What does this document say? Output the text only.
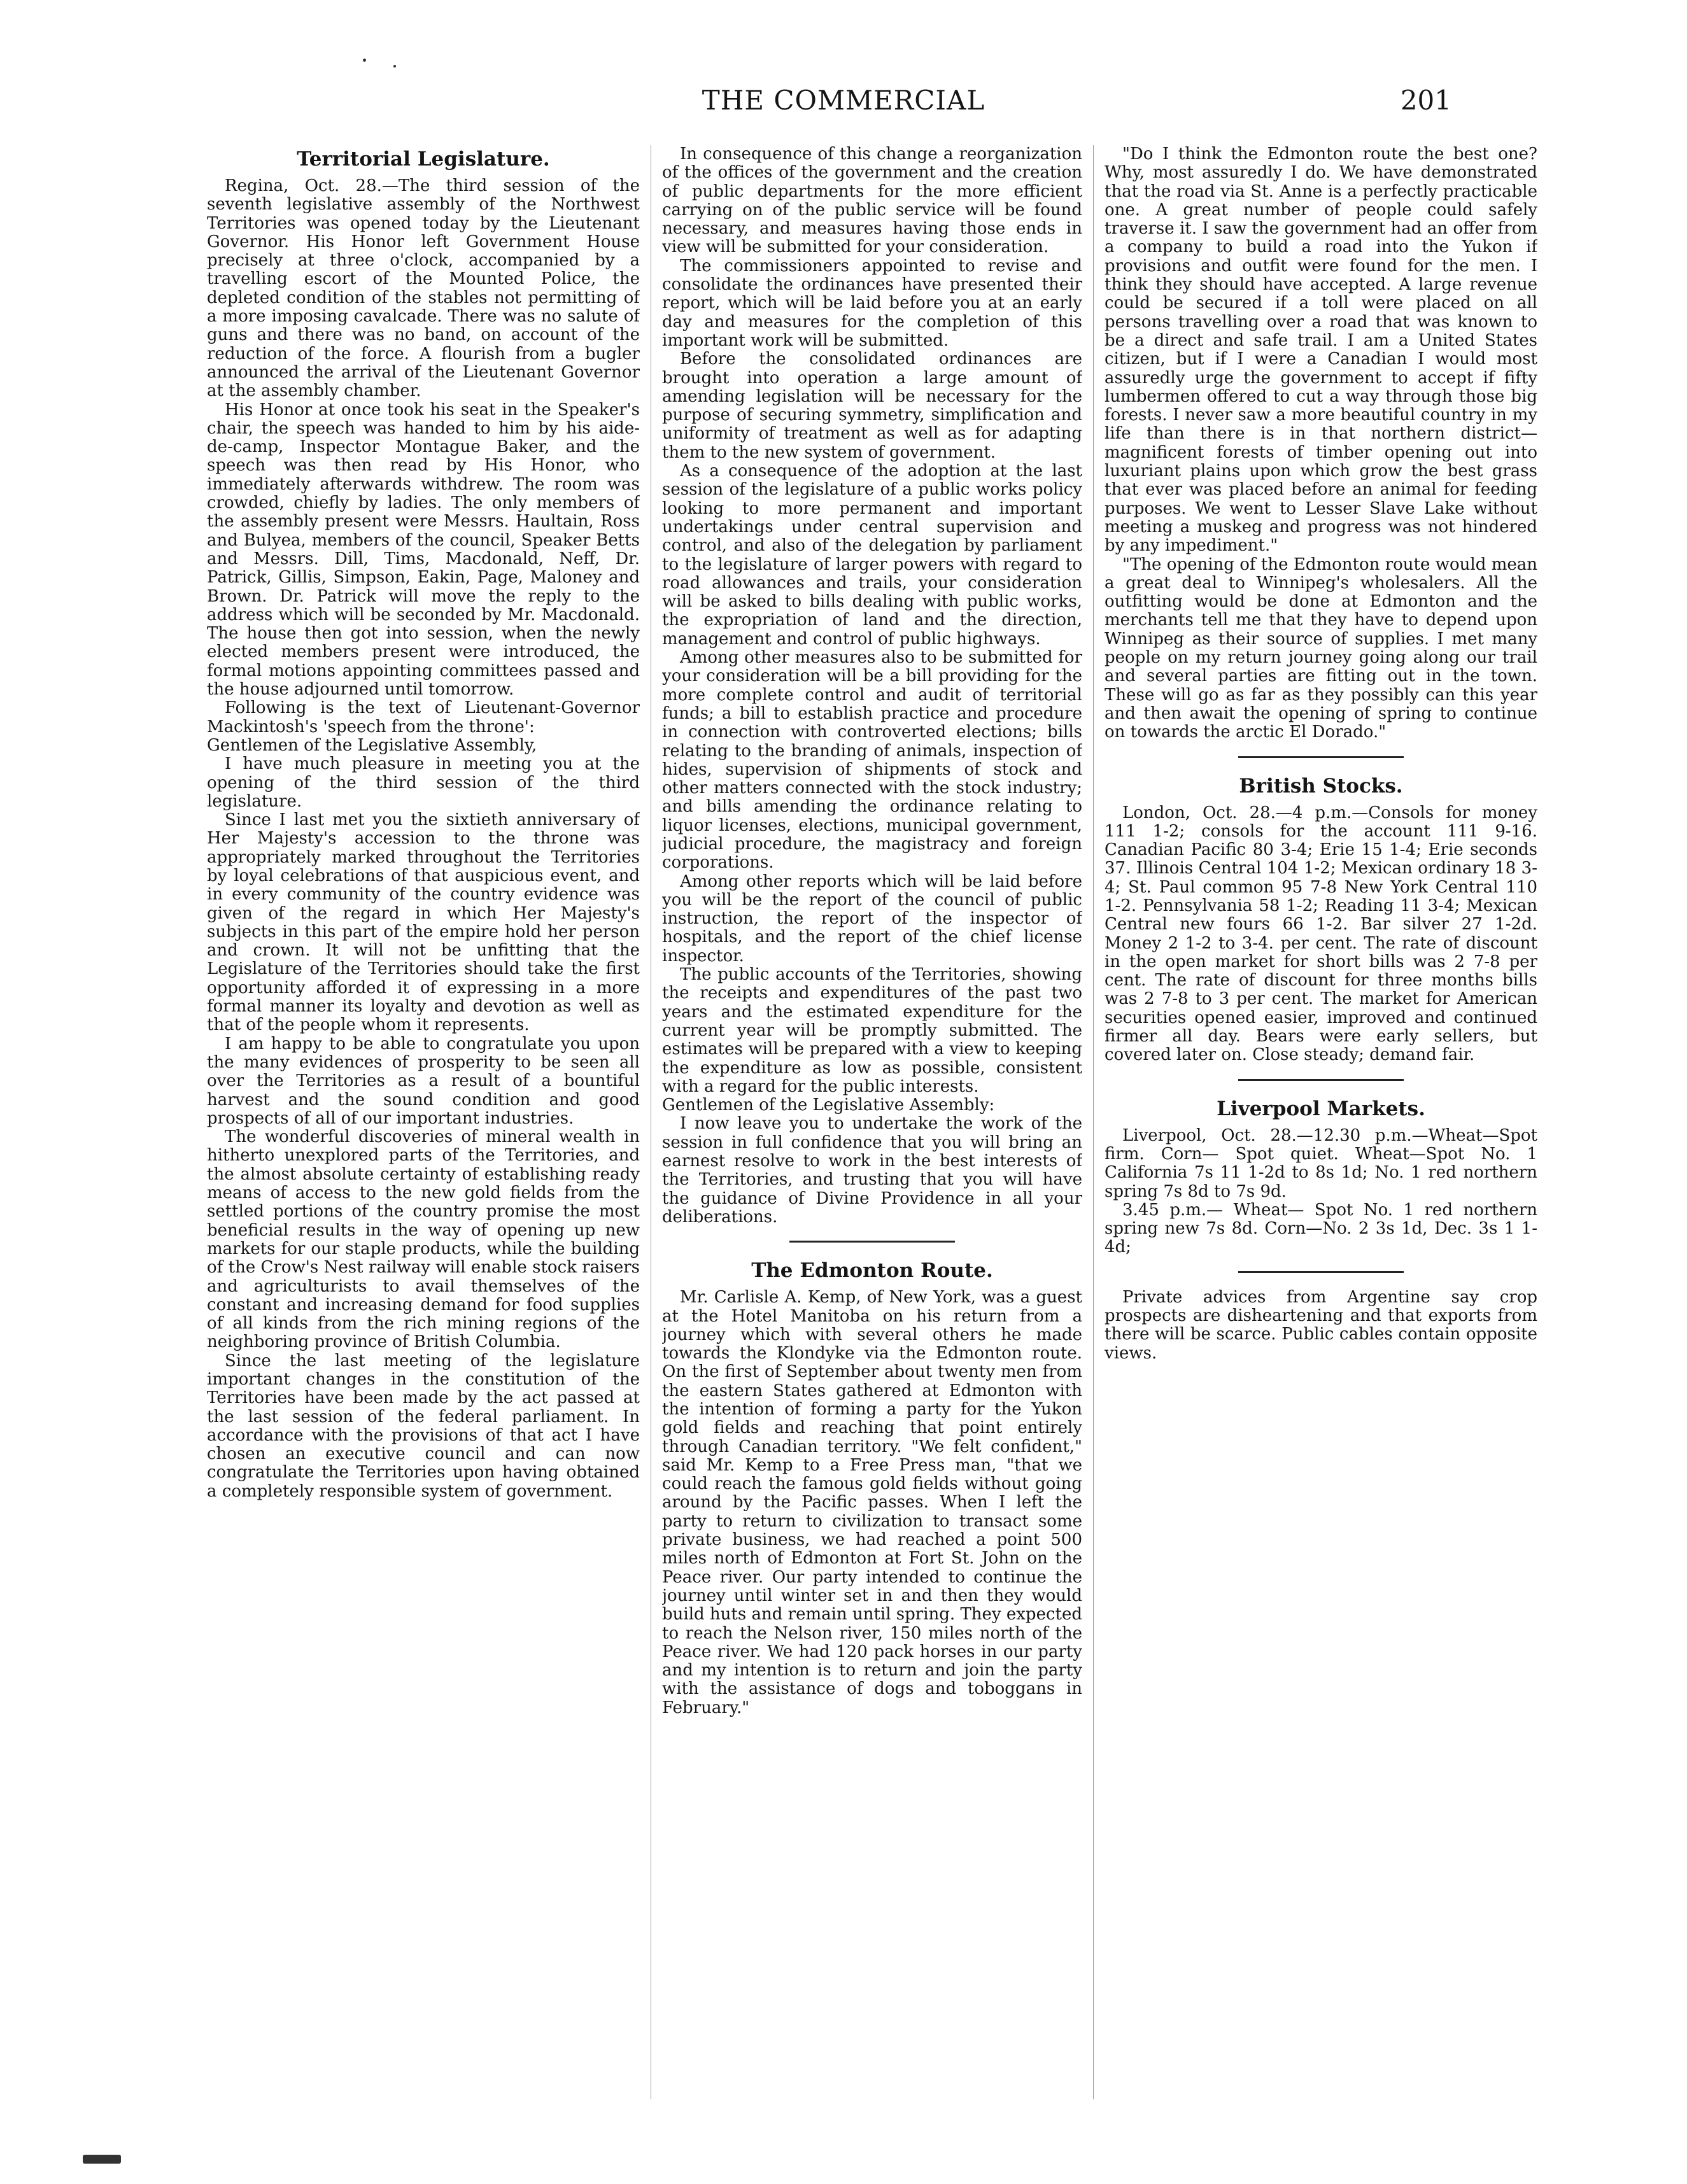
THE COMMERCIAL	201
Territorial Legislature.

Regina, Oct. 28.—The third session of the seventh legislative assembly of the Northwest Territories was opened today by the Lieutenant Governor. His Honor left Government House precisely at three o'clock, accompanied by a travelling escort of the Mounted Police, the depleted condition of the stables not permitting of a more imposing cavalcade. There was no salute of guns and there was no band, on account of the reduction of the force. A flourish from a bugler announced the arrival of the Lieutenant Governor at the assembly chamber.

His Honor at once took his seat in the Speaker's chair, the speech was handed to him by his aide-de-camp, Inspector Montague Baker, and the speech was then read by His Honor, who immediately afterwards withdrew. The room was crowded, chiefly by ladies. The only members of the assembly present were Messrs. Haultain, Ross and Bulyea, members of the council, Speaker Betts and Messrs. Dill, Tims, Macdonald, Neff, Dr. Patrick, Gillis, Simpson, Eakin, Page, Maloney and Brown. Dr. Patrick will move the reply to the address which will be seconded by Mr. Macdonald. The house then got into session, when the newly elected members present were introduced, the formal motions appointing committees passed and the house adjourned until tomorrow.

Following is the text of Lieutenant-Governor Mackintosh's 'speech from the throne':

Gentlemen of the Legislative Assembly,

I have much pleasure in meeting you at the opening of the third session of the third legislature.

Since I last met you the sixtieth anniversary of Her Majesty's accession to the throne was appropriately marked throughout the Territories by loyal celebrations of that auspicious event, and in every community of the country evidence was given of the regard in which Her Majesty's subjects in this part of the empire hold her person and crown. It will not be unfitting that the Legislature of the Territories should take the first opportunity afforded it of expressing in a more formal manner its loyalty and devotion as well as that of the people whom it represents.

I am happy to be able to congratulate you upon the many evidences of prosperity to be seen all over the Territories as a result of a bountiful harvest and the sound condition and good prospects of all of our important industries.

The wonderful discoveries of mineral wealth in hitherto unexplored parts of the Territories, and the almost absolute certainty of establishing ready means of access to the new gold fields from the settled portions of the country promise the most beneficial results in the way of opening up new markets for our staple products, while the building of the Crow's Nest railway will enable stock raisers and agriculturists to avail themselves of the constant and increasing demand for food supplies of all kinds from the rich mining regions of the neighboring province of British Columbia.

Since the last meeting of the legislature important changes in the constitution of the Territories have been made by the act passed at the last session of the federal parliament. In accordance with the provisions of that act I have chosen an executive council and can now congratulate the Territories upon having obtained a completely responsible system of government.

In consequence of this change a reorganization of the offices of the government and the creation of public departments for the more efficient carrying on of the public service will be found necessary, and measures having those ends in view will be submitted for your consideration.

The commissioners appointed to revise and consolidate the ordinances have presented their report, which will be laid before you at an early day and measures for the completion of this important work will be submitted.

Before the consolidated ordinances are brought into operation a large amount of amending legislation will be necessary for the purpose of securing symmetry, simplification and uniformity of treatment as well as for adapting them to the new system of government.

As a consequence of the adoption at the last session of the legislature of a public works policy looking to more permanent and important undertakings under central supervision and control, and also of the delegation by parliament to the legislature of larger powers with regard to road allowances and trails, your consideration will be asked to bills dealing with public works, the expropriation of land and the direction, management and control of public highways.

Among other measures also to be submitted for your consideration will be a bill providing for the more complete control and audit of territorial funds; a bill to establish practice and procedure in connection with controverted elections; bills relating to the branding of animals, inspection of hides, supervision of shipments of stock and other matters connected with the stock industry; and bills amending the ordinance relating to liquor licenses, elections, municipal government, judicial procedure, the magistracy and foreign corporations.

Among other reports which will be laid before you will be the report of the council of public instruction, the report of the inspector of hospitals, and the report of the chief license inspector.

The public accounts of the Territories, showing the receipts and expenditures of the past two years and the estimated expenditure for the current year will be promptly submitted. The estimates will be prepared with a view to keeping the expenditure as low as possible, consistent with a regard for the public interests.

Gentlemen of the Legislative Assembly:

I now leave you to undertake the work of the session in full confidence that you will bring an earnest resolve to work in the best interests of the Territories, and trusting that you will have the guidance of Divine Providence in all your deliberations.

The Edmonton Route.

Mr. Carlisle A. Kemp, of New York, was a guest at the Hotel Manitoba on his return from a journey which with several others he made towards the Klondyke via the Edmonton route. On the first of September about twenty men from the eastern States gathered at Edmonton with the intention of forming a party for the Yukon gold fields and reaching that point entirely through Canadian territory. "We felt confident," said Mr. Kemp to a Free Press man, "that we could reach the famous gold fields without going around by the Pacific passes. When I left the party to return to civilization to transact some private business, we had reached a point 500 miles north of Edmonton at Fort St. John on the Peace river. Our party intended to continue the journey until winter set in and then they would build huts and remain until spring. They expected to reach the Nelson river, 150 miles north of the Peace river. We had 120 pack horses in our party and my intention is to return and join the party with the assistance of dogs and toboggans in February."

"Do I think the Edmonton route the best one? Why, most assuredly I do. We have demonstrated that the road via St. Anne is a perfectly practicable one. A great number of people could safely traverse it. I saw the government had an offer from a company to build a road into the Yukon if provisions and outfit were found for the men. I think they should have accepted. A large revenue could be secured if a toll were placed on all persons travelling over a road that was known to be a direct and safe trail. I am a United States citizen, but if I were a Canadian I would most assuredly urge the government to accept if fifty lumbermen offered to cut a way through those big forests. I never saw a more beautiful country in my life than there is in that northern district—magnificent forests of timber opening out into luxuriant plains upon which grow the best grass that ever was placed before an animal for feeding purposes. We went to Lesser Slave Lake without meeting a muskeg and progress was not hindered by any impediment."

"The opening of the Edmonton route would mean a great deal to Winnipeg's wholesalers. All the outfitting would be done at Edmonton and the merchants tell me that they have to depend upon Winnipeg as their source of supplies. I met many people on my return journey going along our trail and several parties are fitting out in the town. These will go as far as they possibly can this year and then await the opening of spring to continue on towards the arctic El Dorado."

British Stocks.

London, Oct. 28.—4 p.m.—Consols for money 111 1-2; consols for the account 111 9-16. Canadian Pacific 80 3-4; Erie 15 1-4; Erie seconds 37. Illinois Central 104 1-2; Mexican ordinary 18 3-4; St. Paul common 95 7-8 New York Central 110 1-2. Pennsylvania 58 1-2; Reading 11 3-4; Mexican Central new fours 66 1-2. Bar silver 27 1-2d. Money 2 1-2 to 3-4. per cent. The rate of discount in the open market for short bills was 2 7-8 per cent. The rate of discount for three months bills was 2 7-8 to 3 per cent. The market for American securities opened easier, improved and continued firmer all day. Bears were early sellers, but covered later on. Close steady; demand fair.

Liverpool Markets.

Liverpool, Oct. 28.—12.30 p.m.—Wheat—Spot firm. Corn— Spot quiet. Wheat—Spot No. 1 California 7s 11 1-2d to 8s 1d; No. 1 red northern spring 7s 8d to 7s 9d.

3.45 p.m.— Wheat— Spot No. 1 red northern spring new 7s 8d. Corn—No. 2 3s 1d, Dec. 3s 1 1-4d;

Private advices from Argentine say crop prospects are disheartening and that exports from there will be scarce. Public cables contain opposite views.
